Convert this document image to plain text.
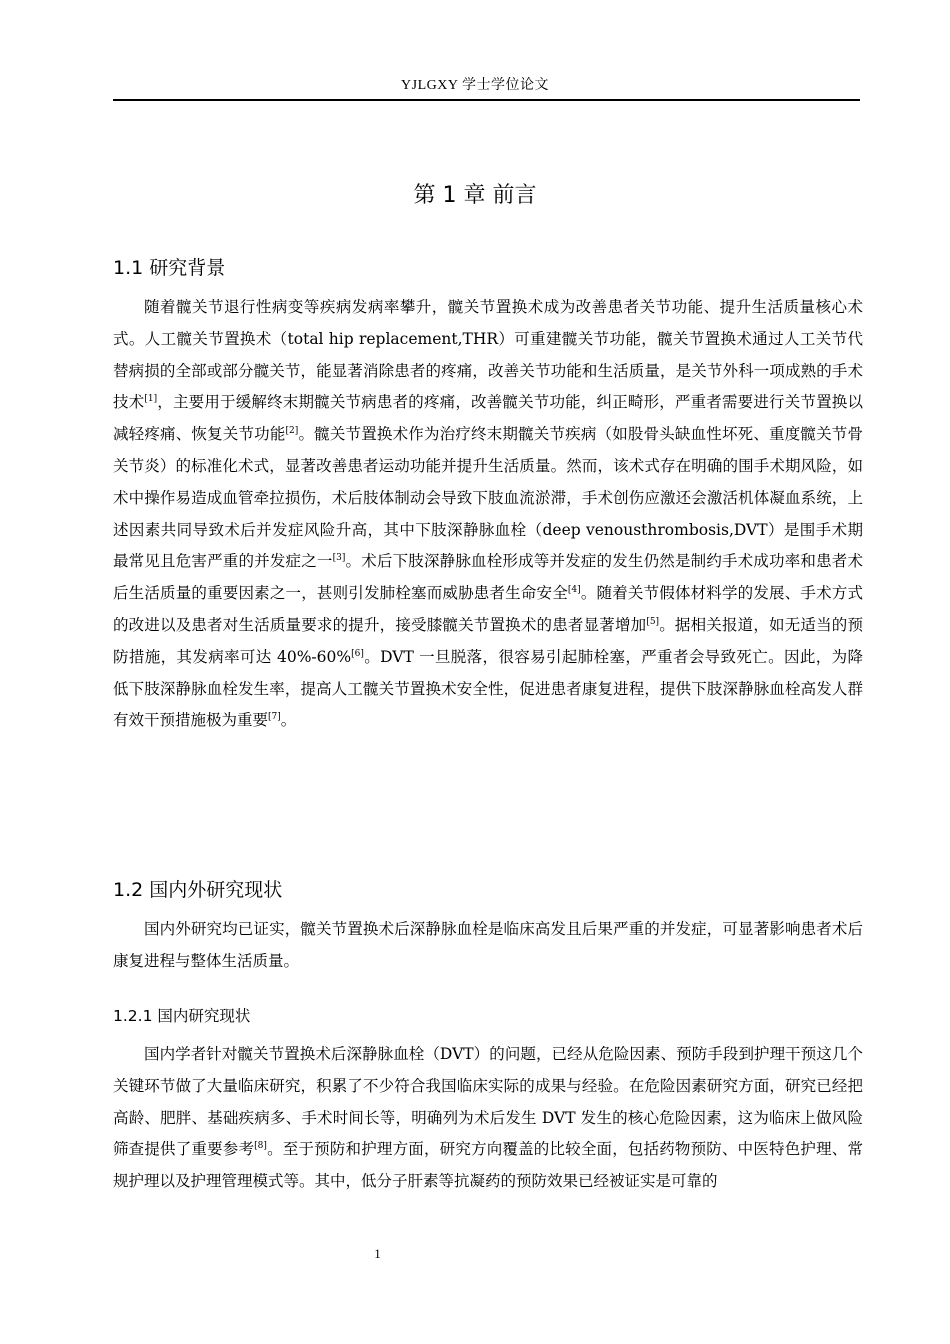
YJLGXY 学士学位论文
第 1 章 前言
1.1 研究背景

随着髋关节退行性病变等疾病发病率攀升，髋关节置换术成为改善患者关节功能、提升生活质量核心术式。人工髋关节置换术（total hip replacement,THR）可重建髋关节功能，髋关节置换术通过人工关节代替病损的全部或部分髋关节，能显著消除患者的疼痛，改善关节功能和生活质量，是关节外科一项成熟的手术技术[1]，主要用于缓解终末期髋关节病患者的疼痛，改善髋关节功能，纠正畸形，严重者需要进行关节置换以减轻疼痛、恢复关节功能[2]。髋关节置换术作为治疗终末期髋关节疾病（如股骨头缺血性坏死、重度髋关节骨关节炎）的标准化术式，显著改善患者运动功能并提升生活质量。然而，该术式存在明确的围手术期风险，如术中操作易造成血管牵拉损伤，术后肢体制动会导致下肢血流淤滞，手术创伤应激还会激活机体凝血系统，上述因素共同导致术后并发症风险升高，其中下肢深静脉血栓（deep venousthrombosis,DVT）是围手术期最常见且危害严重的并发症之一[3]。术后下肢深静脉血栓形成等并发症的发生仍然是制约手术成功率和患者术后生活质量的重要因素之一，甚则引发肺栓塞而威胁患者生命安全[4]。随着关节假体材料学的发展、手术方式的改进以及患者对生活质量要求的提升，接受膝髋关节置换术的患者显著增加[5]。据相关报道，如无适当的预防措施，其发病率可达 40%-60%[6]。DVT 一旦脱落，很容易引起肺栓塞，严重者会导致死亡。因此，为降低下肢深静脉血栓发生率，提高人工髋关节置换术安全性，促进患者康复进程，提供下肢深静脉血栓高发人群有效干预措施极为重要[7]。

1.2 国内外研究现状

国内外研究均已证实，髋关节置换术后深静脉血栓是临床高发且后果严重的并发症，可显著影响患者术后康复进程与整体生活质量。

1.2.1 国内研究现状

国内学者针对髋关节置换术后深静脉血栓（DVT）的问题，已经从危险因素、预防手段到护理干预这几个关键环节做了大量临床研究，积累了不少符合我国临床实际的成果与经验。在危险因素研究方面，研究已经把高龄、肥胖、基础疾病多、手术时间长等，明确列为术后发生 DVT 发生的核心危险因素，这为临床上做风险筛查提供了重要参考[8]。至于预防和护理方面，研究方向覆盖的比较全面，包括药物预防、中医特色护理、常规护理以及护理管理模式等。其中，低分子肝素等抗凝药的预防效果已经被证实是可靠的

1
